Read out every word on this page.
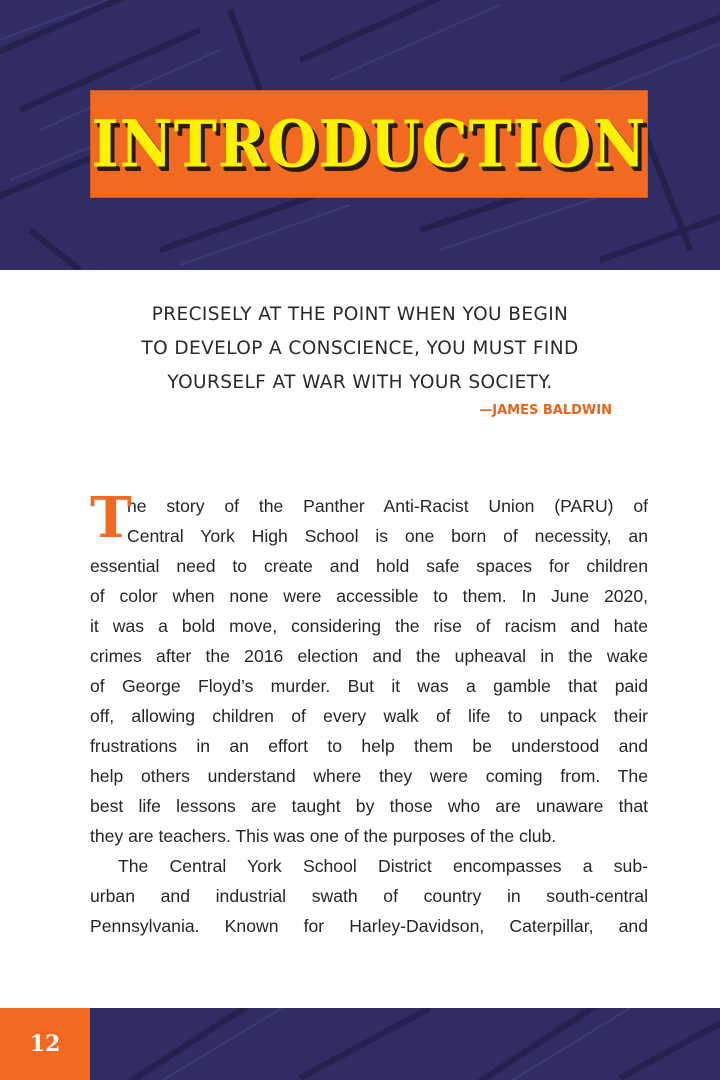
INTRODUCTION
PRECISELY AT THE POINT WHEN YOU BEGIN
TO DEVELOP A CONSCIENCE, YOU MUST FIND
YOURSELF AT WAR WITH YOUR SOCIETY.
—JAMES BALDWIN
T
he story of the Panther Anti-Racist Union (PARU) of
Central York High School is one born of necessity, an
essential need to create and hold safe spaces for children
of color when none were accessible to them. In June 2020,
it was a bold move, considering the rise of racism and hate
crimes after the 2016 election and the upheaval in the wake
of George Floyd’s murder. But it was a gamble that paid
off, allowing children of every walk of life to unpack their
frustrations in an effort to help them be understood and
help others understand where they were coming from. The
best life lessons are taught by those who are unaware that
they are teachers. This was one of the purposes of the club.
The Central York School District encompasses a sub-
urban and industrial swath of country in south-central
Pennsylvania. Known for Harley-Davidson, Caterpillar, and
12
